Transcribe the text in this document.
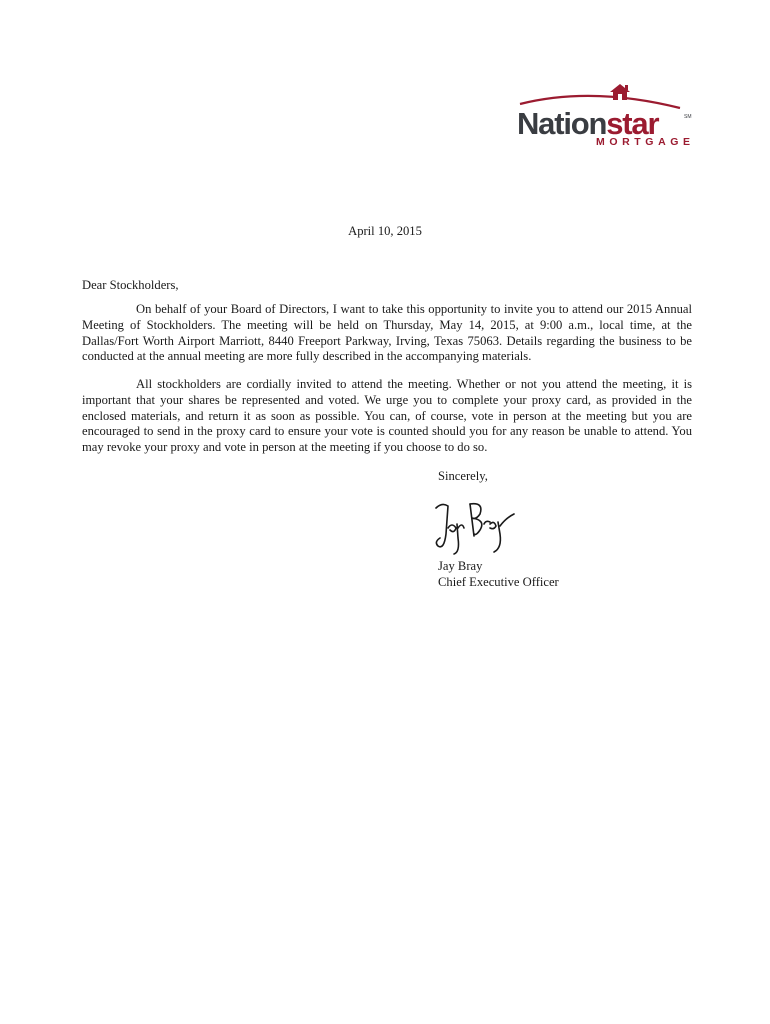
Nationstar	SM
MORTGAGE
April 10, 2015
Dear Stockholders,
On behalf of your Board of Directors, I want to take this opportunity to invite you to attend our 2015 Annual Meeting of Stockholders. The meeting will be held on Thursday, May 14, 2015, at 9:00 a.m., local time, at the Dallas/Fort Worth Airport Marriott, 8440 Freeport Parkway, Irving, Texas 75063. Details regarding the business to be conducted at the annual meeting are more fully described in the accompanying materials.
All stockholders are cordially invited to attend the meeting. Whether or not you attend the meeting, it is important that your shares be represented and voted. We urge you to complete your proxy card, as provided in the enclosed materials, and return it as soon as possible. You can, of course, vote in person at the meeting but you are encouraged to send in the proxy card to ensure your vote is counted should you for any reason be unable to attend. You may revoke your proxy and vote in person at the meeting if you choose to do so.
Sincerely,
Jay Bray
Chief Executive Officer
